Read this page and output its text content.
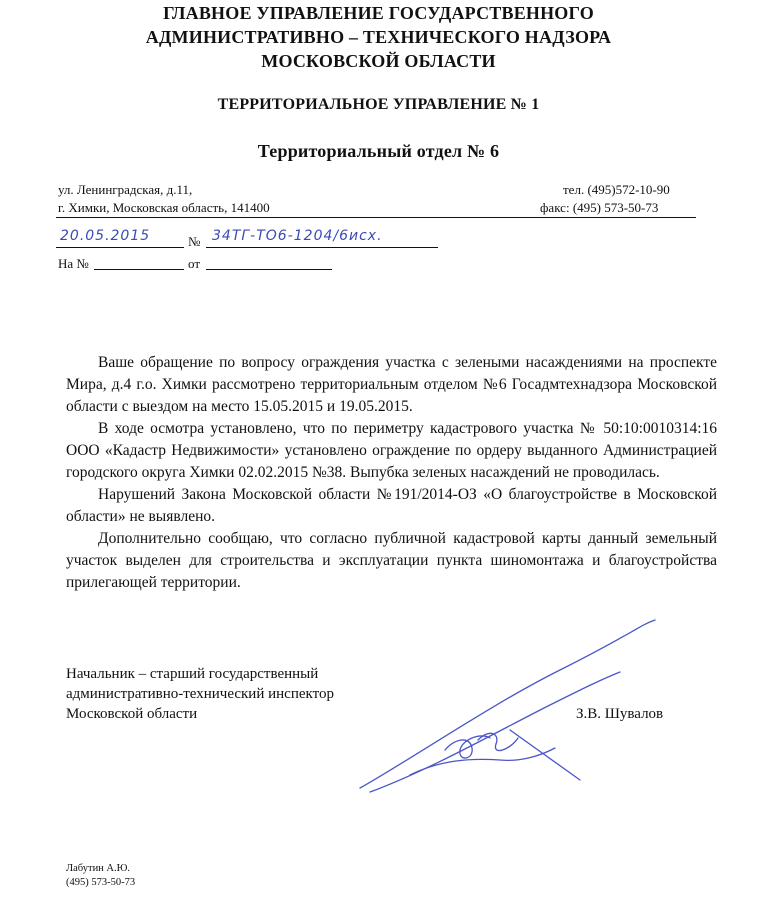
ГЛАВНОЕ УПРАВЛЕНИЕ ГОСУДАРСТВЕННОГО
АДМИНИСТРАТИВНО – ТЕХНИЧЕСКОГО НАДЗОРА
МОСКОВСКОЙ ОБЛАСТИ
ТЕРРИТОРИАЛЬНОЕ УПРАВЛЕНИЕ № 1
Территориальный отдел № 6
ул. Ленинградская, д.11,
г. Химки, Московская область, 141400
тел. (495)572-10-90
факс: (495) 573-50-73
20.05.2015	№ 34ТГ-ТО6-1204/6исх.
На №	от

Ваше обращение по вопросу ограждения участка с зелеными насаждениями на проспекте Мира, д.4 г.о. Химки рассмотрено территориальным отделом №6 Госадмтехнадзора Московской области с выездом на место 15.05.2015 и 19.05.2015.

В ходе осмотра установлено, что по периметру кадастрового участка № 50:10:0010314:16 ООО «Кадастр Недвижимости» установлено ограждение по ордеру выданного Администрацией городского округа Химки 02.02.2015 №38. Выпубка зеленых насаждений не проводилась.

Нарушений Закона Московской области №191/2014-ОЗ «О благоустройстве в Московской области» не выявлено.

Дополнительно сообщаю, что согласно публичной кадастровой карты данный земельный участок выделен для строительства и эксплуатации пункта шиномонтажа и благоустройства прилегающей территории.

Начальник – старший государственный
административно-технический инспектор
Московской области	З.В. Шувалов
Лабутин А.Ю.
(495) 573-50-73
